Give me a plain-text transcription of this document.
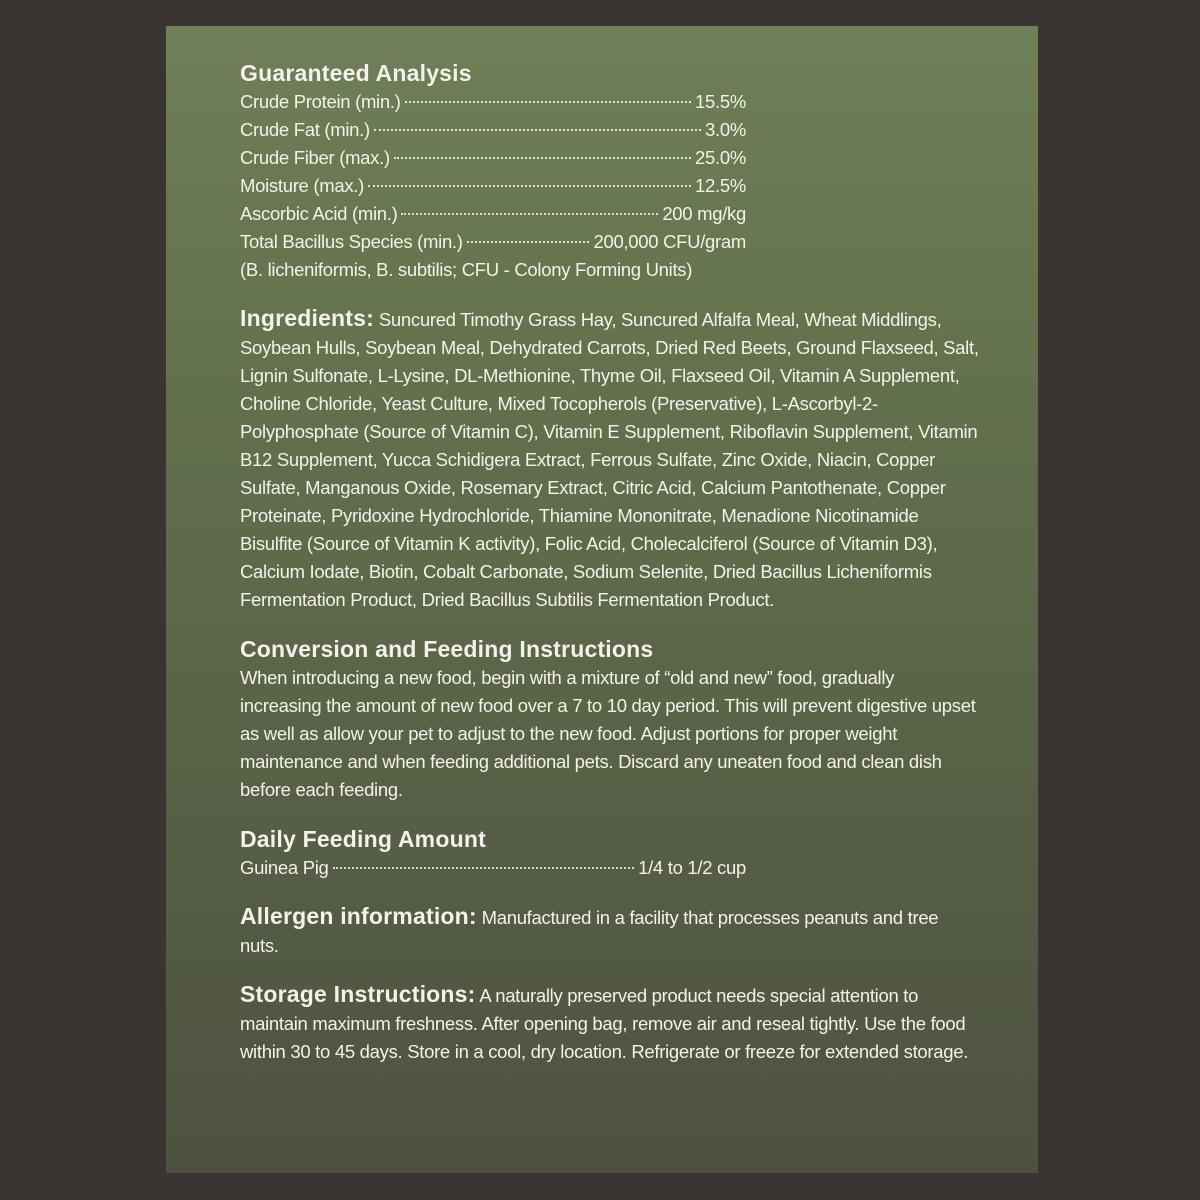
Guaranteed Analysis
Crude Protein (min.)	15.5%
Crude Fat (min.)	3.0%
Crude Fiber (max.)	25.0%
Moisture (max.)	12.5%
Ascorbic Acid (min.)	200 mg/kg
Total Bacillus Species (min.)	200,000 CFU/gram

(B. licheniformis, B. subtilis; CFU - Colony Forming Units)

Ingredients: Suncured Timothy Grass Hay, Suncured Alfalfa Meal, Wheat Middlings, Soybean Hulls, Soybean Meal, Dehydrated Carrots, Dried Red Beets, Ground Flaxseed, Salt, Lignin Sulfonate, L-Lysine, DL-Methionine, Thyme Oil, Flaxseed Oil, Vitamin A Supplement, Choline Chloride, Yeast Culture, Mixed Tocopherols (Preservative), L-Ascorbyl-2-Polyphosphate (Source of Vitamin C), Vitamin E Supplement, Riboflavin Supplement, Vitamin B12 Supplement, Yucca Schidigera Extract, Ferrous Sulfate, Zinc Oxide, Niacin, Copper Sulfate, Manganous Oxide, Rosemary Extract, Citric Acid, Calcium Pantothenate, Copper Proteinate, Pyridoxine Hydrochloride, Thiamine Mononitrate, Menadione Nicotinamide Bisulfite (Source of Vitamin K activity), Folic Acid, Cholecalciferol (Source of Vitamin D3), Calcium Iodate, Biotin, Cobalt Carbonate, Sodium Selenite, Dried Bacillus Licheniformis Fermentation Product, Dried Bacillus Subtilis Fermentation Product.

Conversion and Feeding Instructions

When introducing a new food, begin with a mixture of “old and new” food, gradually increasing the amount of new food over a 7 to 10 day period. This will prevent digestive upset as well as allow your pet to adjust to the new food. Adjust portions for proper weight maintenance and when feeding additional pets. Discard any uneaten food and clean dish before each feeding.

Daily Feeding Amount
Guinea Pig	1/4 to 1/2 cup

Allergen information: Manufactured in a facility that processes peanuts and tree nuts.

Storage Instructions: A naturally preserved product needs special attention to maintain maximum freshness. After opening bag, remove air and reseal tightly. Use the food within 30 to 45 days. Store in a cool, dry location. Refrigerate or freeze for extended storage.
